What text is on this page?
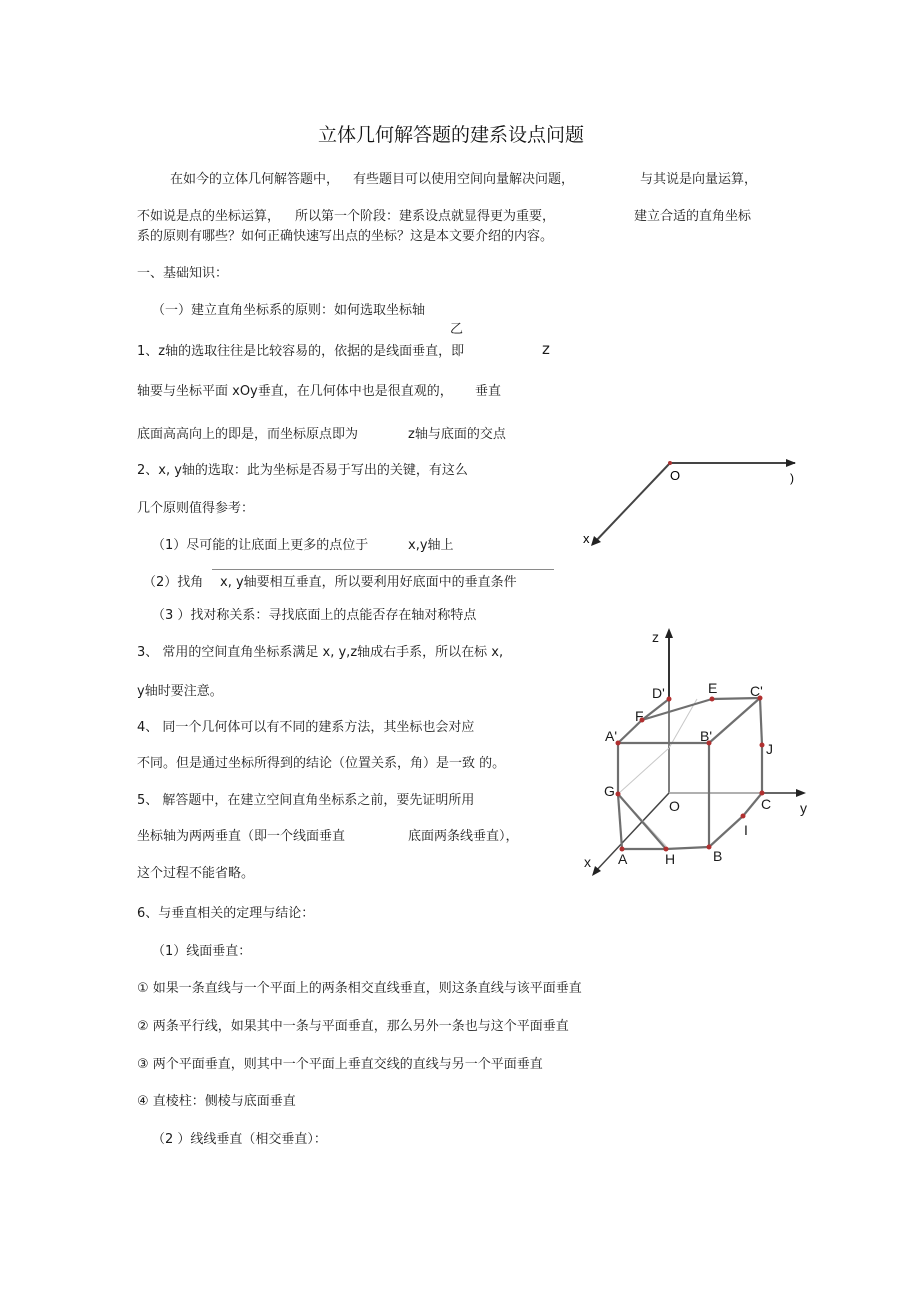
立体几何解答题的建系设点问题
在如今的立体几何解答题中， 有些题目可以使用空间向量解决问题，	与其说是向量运算，
不如说是点的坐标运算， 所以第一个阶段：建系设点就显得更为重要，	建立合适的直角坐标
系的原则有哪些？如何正确快速写出点的坐标？这是本文要介绍的内容。
一、基础知识：
（一）建立直角坐标系的原则：如何选取坐标轴
乙
1、z轴的选取往往是比较容易的，依据的是线面垂直，即	z
轴要与坐标平面 xOy垂直，在几何体中也是很直观的， 垂直
底面高高向上的即是，而坐标原点即为	z轴与底面的交点
2、x, y轴的选取：此为坐标是否易于写出的关键，有这么
几个原则值得参考：
（1）尽可能的让底面上更多的点位于	x,y轴上
（2）找角 x, y轴要相互垂直，所以要利用好底面中的垂直条件
（3 ）找对称关系：寻找底面上的点能否存在轴对称特点
3、 常用的空间直角坐标系满足 x, y,z轴成右手系，所以在标 x,
y轴时要注意。
4、 同一个几何体可以有不同的建系方法，其坐标也会对应
不同。但是通过坐标所得到的结论（位置关系，角）是一致 的。
5、 解答题中，在建立空间直角坐标系之前，要先证明所用
坐标轴为两两垂直（即一个线面垂直	底面两条线垂直），
这个过程不能省略。
6、与垂直相关的定理与结论：
（1）线面垂直：
① 如果一条直线与一个平面上的两条相交直线垂直，则这条直线与该平面垂直
② 两条平行线，如果其中一条与平面垂直，那么另外一条也与这个平面垂直
③ 两个平面垂直，则其中一个平面上垂直交线的直线与另一个平面垂直
④ 直棱柱：侧棱与底面垂直
（2 ）线线垂直（相交垂直）：
O
x
)
z
x
y
O
D'	E C'
F
A'	B'
J
G
C
I
A	H	B
